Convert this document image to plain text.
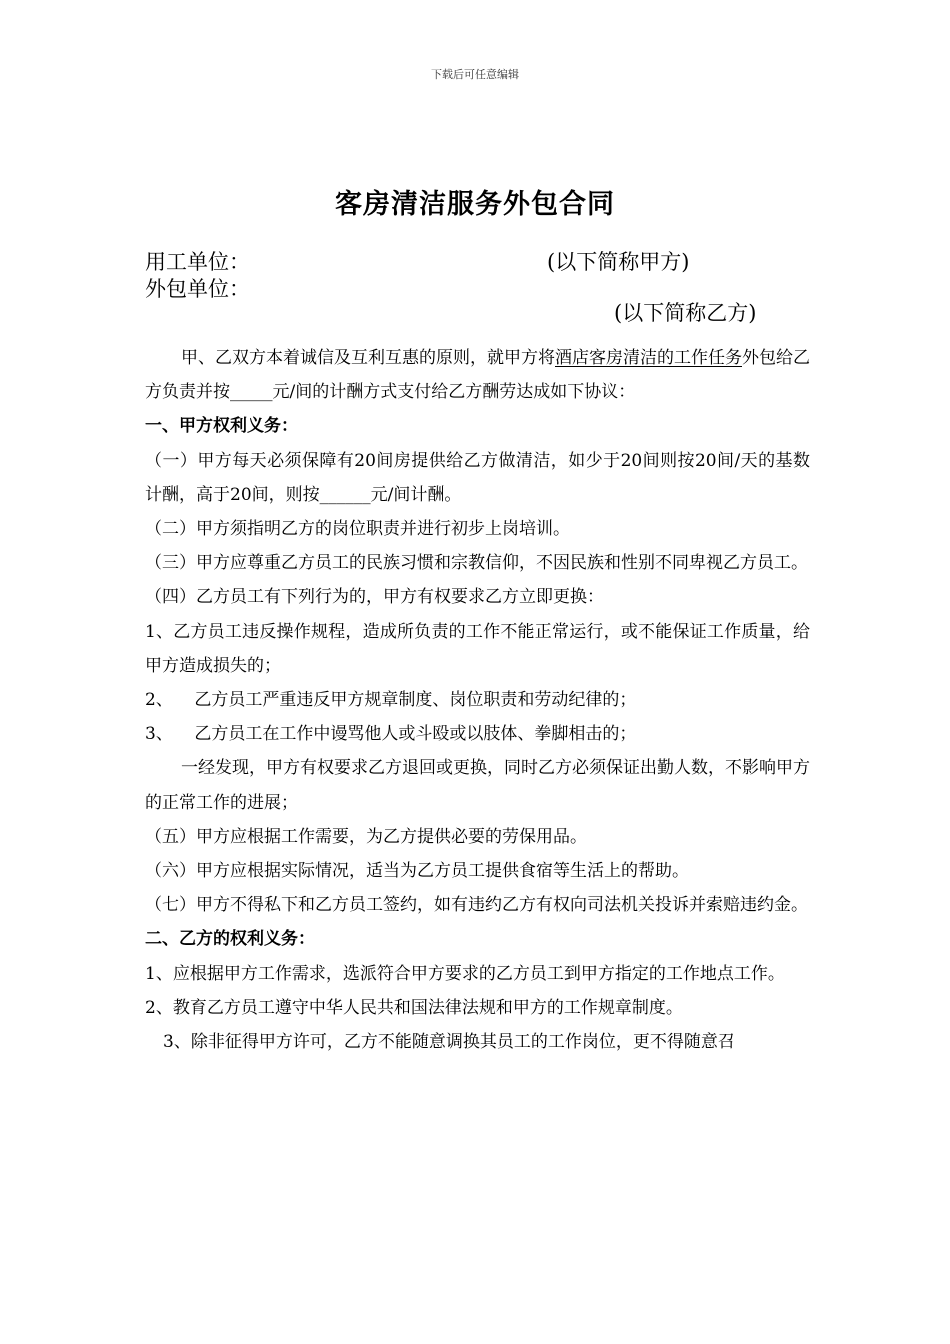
下载后可任意编辑
客房清洁服务外包合同
用工单位：	(以下简称甲方)
外包单位：
(以下简称乙方)

甲、乙双方本着诚信及互利互惠的原则，就甲方将酒店客房清洁的工作任务外包给乙方负责并按_____元/间的计酬方式支付给乙方酬劳达成如下协议：

一、甲方权利义务：

（一）甲方每天必须保障有20间房提供给乙方做清洁，如少于20间则按20间/天的基数计酬，高于20间，则按______元/间计酬。

（二）甲方须指明乙方的岗位职责并进行初步上岗培训。

（三）甲方应尊重乙方员工的民族习惯和宗教信仰，不因民族和性别不同卑视乙方员工。

（四）乙方员工有下列行为的，甲方有权要求乙方立即更换：

1、乙方员工违反操作规程，造成所负责的工作不能正常运行，或不能保证工作质量，给甲方造成损失的；

2、    乙方员工严重违反甲方规章制度、岗位职责和劳动纪律的；

3、    乙方员工在工作中谩骂他人或斗殴或以肢体、拳脚相击的；

一经发现，甲方有权要求乙方退回或更换，同时乙方必须保证出勤人数，不影响甲方的正常工作的进展；

（五）甲方应根据工作需要，为乙方提供必要的劳保用品。

（六）甲方应根据实际情况，适当为乙方员工提供食宿等生活上的帮助。

（七）甲方不得私下和乙方员工签约，如有违约乙方有权向司法机关投诉并索赔违约金。

二、乙方的权利义务：

1、应根据甲方工作需求，选派符合甲方要求的乙方员工到甲方指定的工作地点工作。

2、教育乙方员工遵守中华人民共和国法律法规和甲方的工作规章制度。

3、除非征得甲方许可，乙方不能随意调换其员工的工作岗位，更不得随意召
